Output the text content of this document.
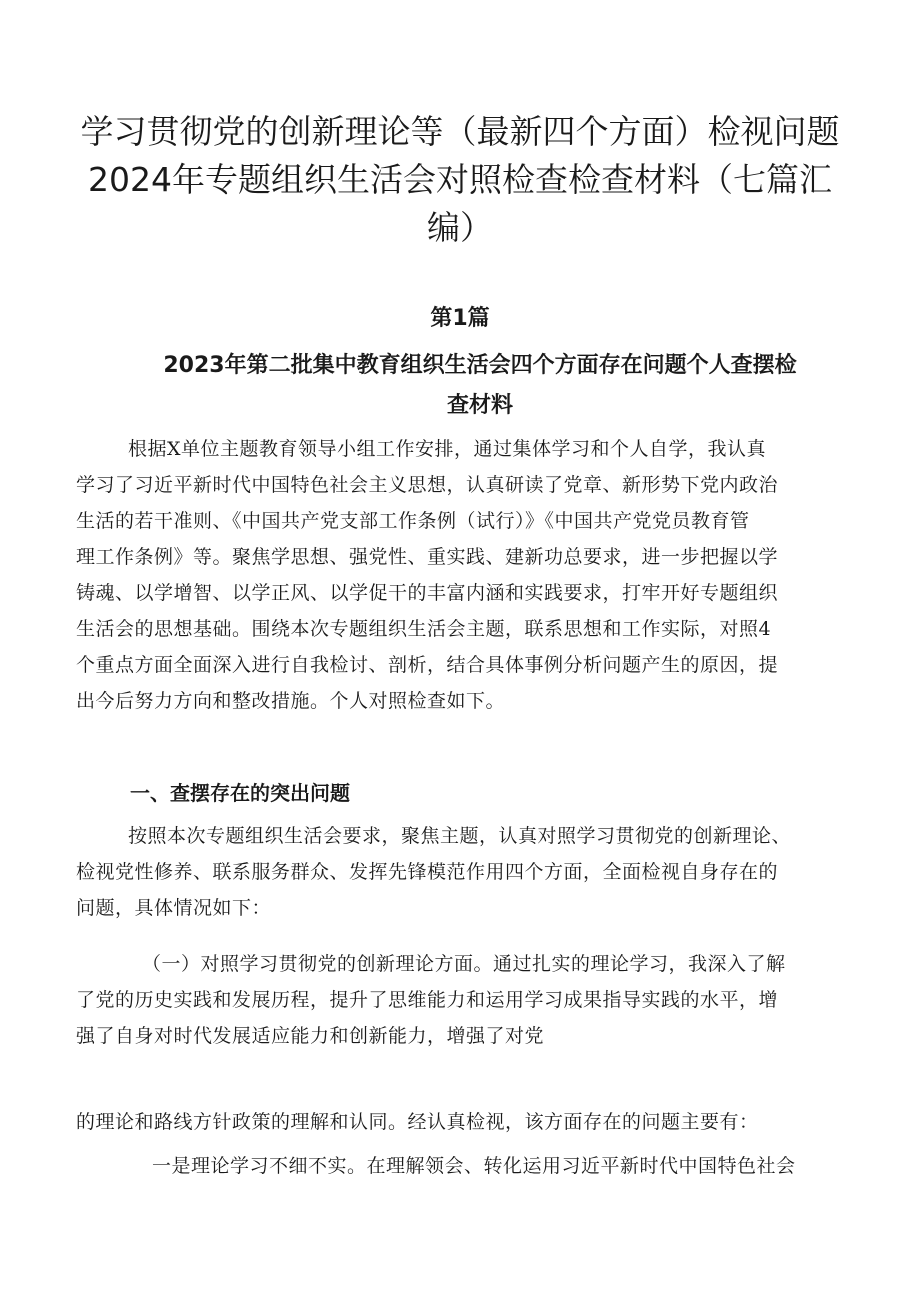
学习贯彻党的创新理论等（最新四个方面）检视问题
2024年专题组织生活会对照检查检查材料（七篇汇
编）
第1篇
2023年第二批集中教育组织生活会四个方面存在问题个人查摆检
查材料
根据X单位主题教育领导小组工作安排，通过集体学习和个人自学，我认真
学习了习近平新时代中国特色社会主义思想，认真研读了党章、新形势下党内政治
生活的若干准则、《中国共产党支部工作条例（试行）》《中国共产党党员教育管
理工作条例》等。聚焦学思想、强党性、重实践、建新功总要求，进一步把握以学
铸魂、以学增智、以学正风、以学促干的丰富内涵和实践要求，打牢开好专题组织
生活会的思想基础。围绕本次专题组织生活会主题，联系思想和工作实际，对照4
个重点方面全面深入进行自我检讨、剖析，结合具体事例分析问题产生的原因，提
出今后努力方向和整改措施。个人对照检查如下。
一、查摆存在的突出问题
按照本次专题组织生活会要求，聚焦主题，认真对照学习贯彻党的创新理论、
检视党性修养、联系服务群众、发挥先锋模范作用四个方面，全面检视自身存在的
问题，具体情况如下：
（一）对照学习贯彻党的创新理论方面。通过扎实的理论学习，我深入了解
了党的历史实践和发展历程，提升了思维能力和运用学习成果指导实践的水平，增
强了自身对时代发展适应能力和创新能力，增强了对党
的理论和路线方针政策的理解和认同。经认真检视，该方面存在的问题主要有：
一是理论学习不细不实。在理解领会、转化运用习近平新时代中国特色社会
